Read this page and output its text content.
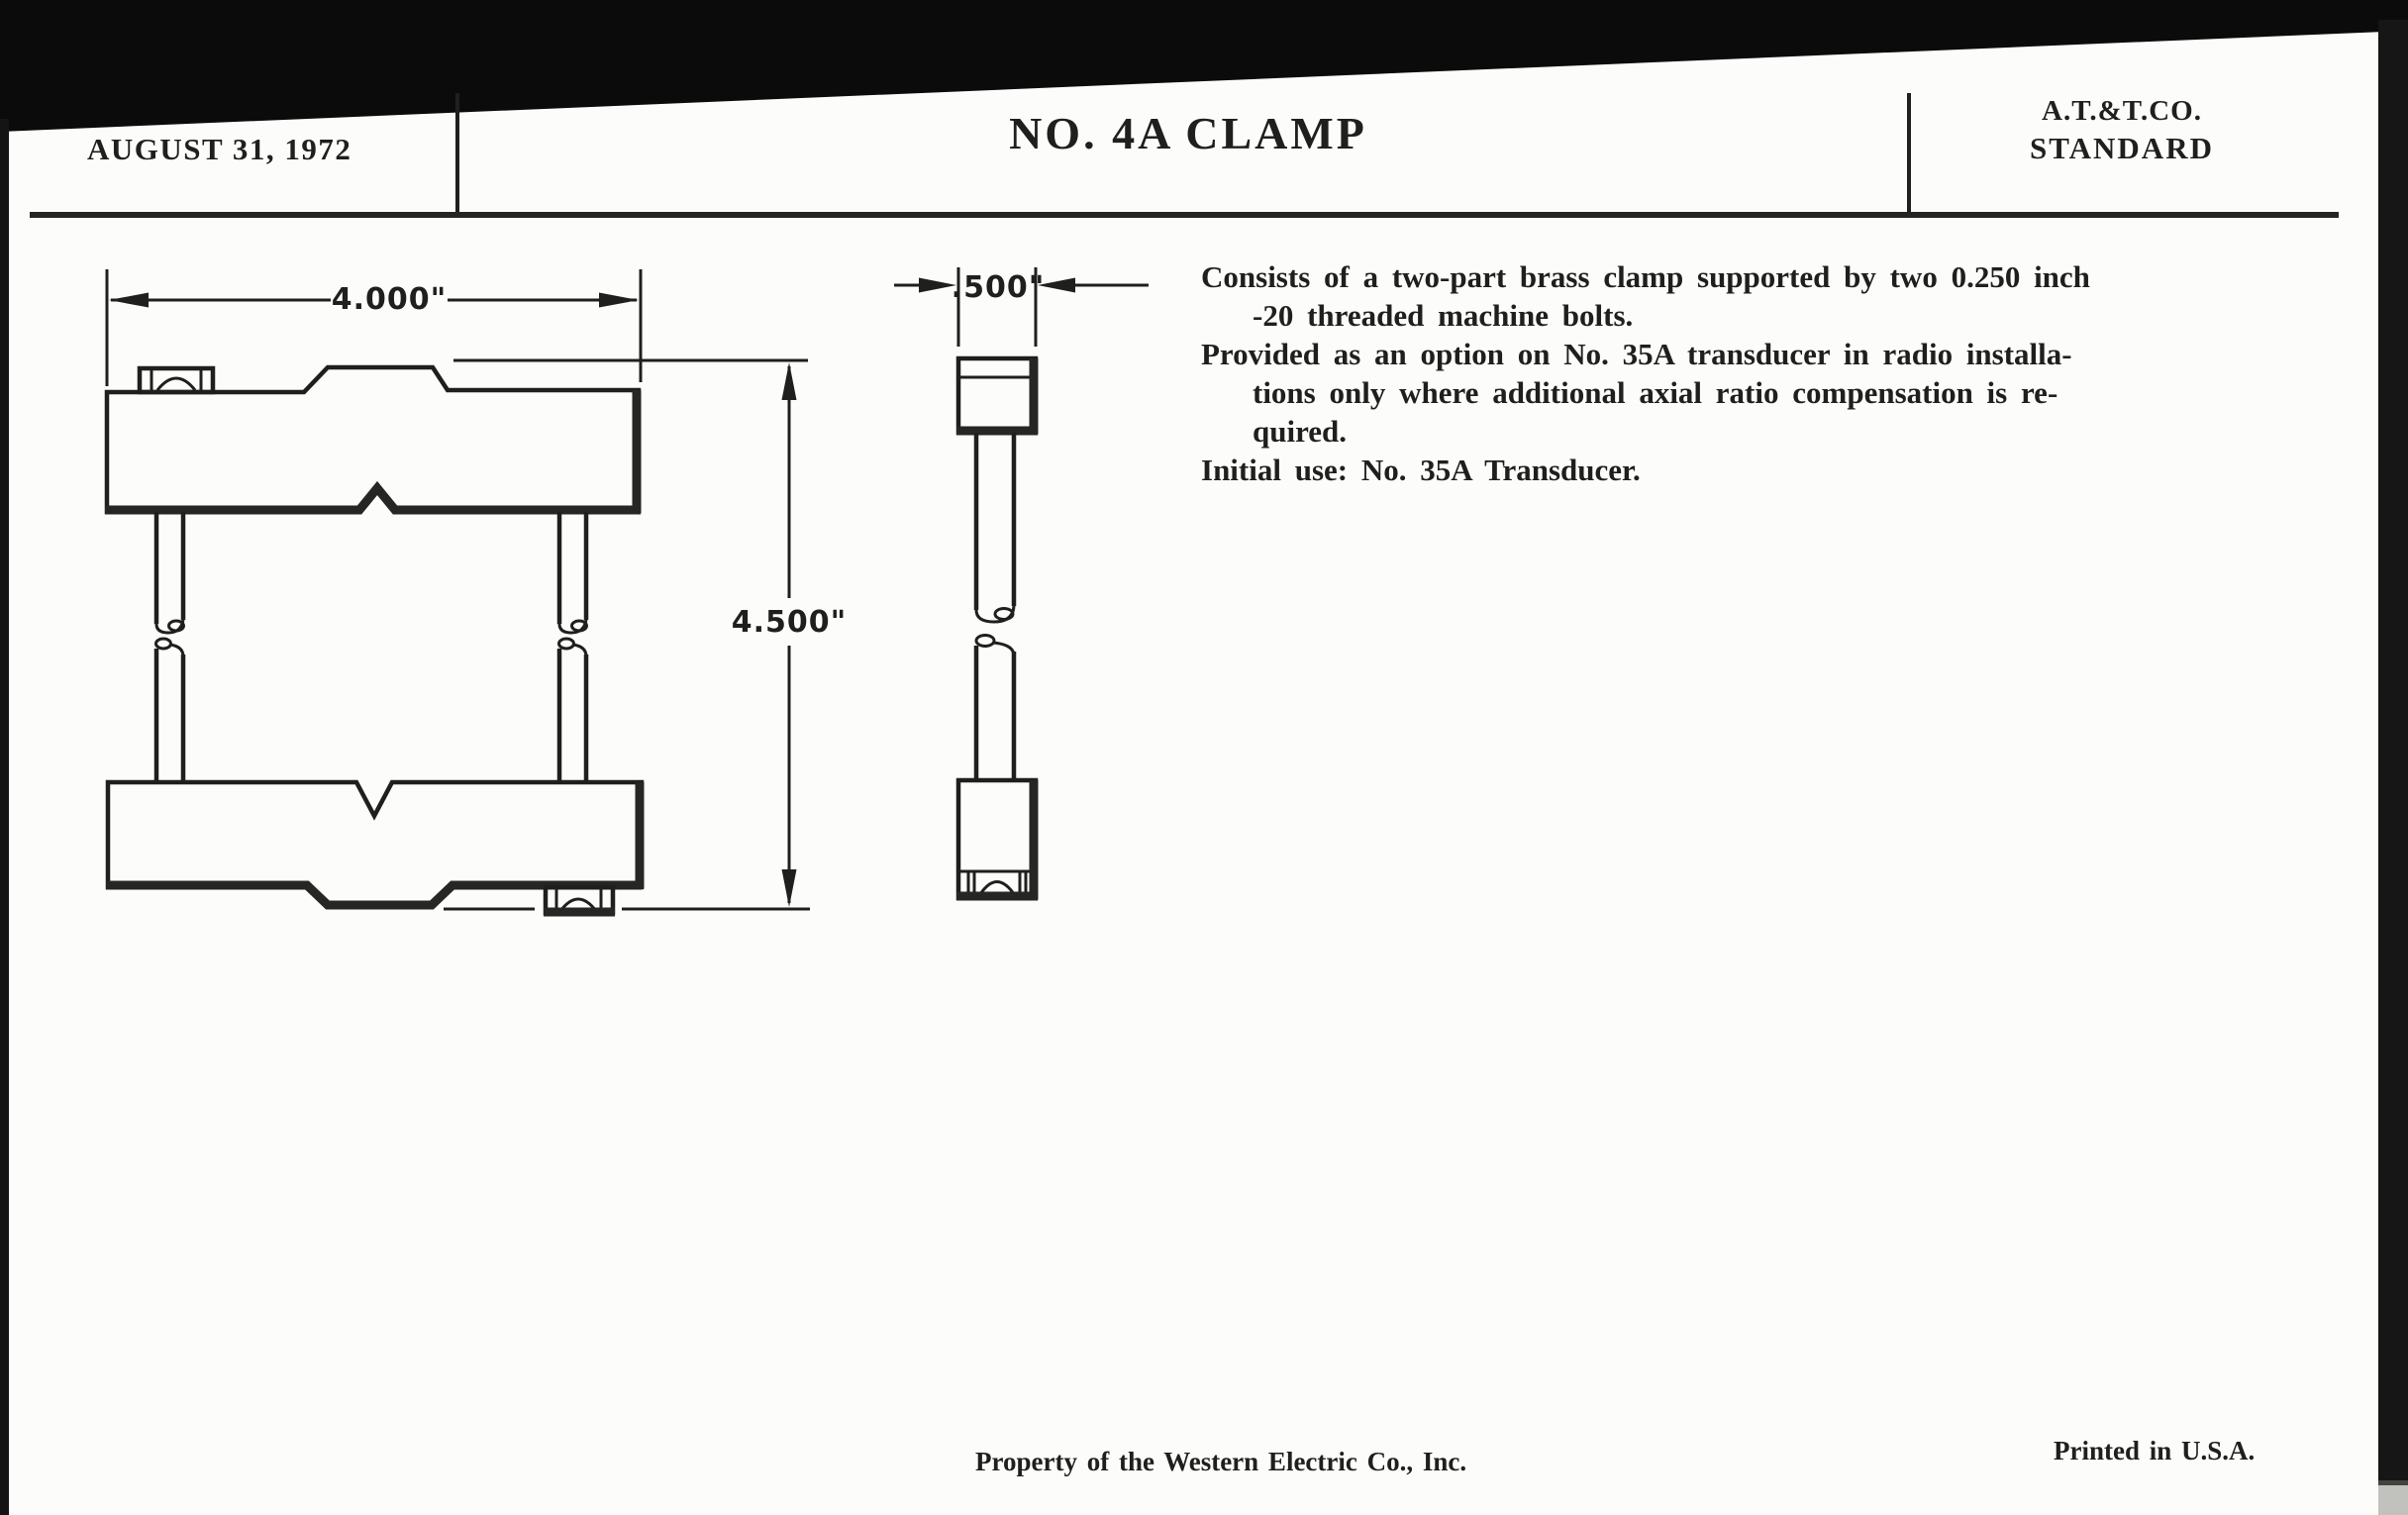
4.000"
4.500"
.500"
AUGUST 31, 1972	NO. 4A CLAMP	A.T.&T.CO.
STANDARD
Consists of a two-part brass clamp supported by two 0.250 inch
-20 threaded machine bolts.
Provided as an option on No. 35A transducer in radio installa-
tions only where additional axial ratio compensation is re-
quired.
Initial use: No. 35A Transducer.
Property of the Western Electric Co., Inc.	Printed in U.S.A.
